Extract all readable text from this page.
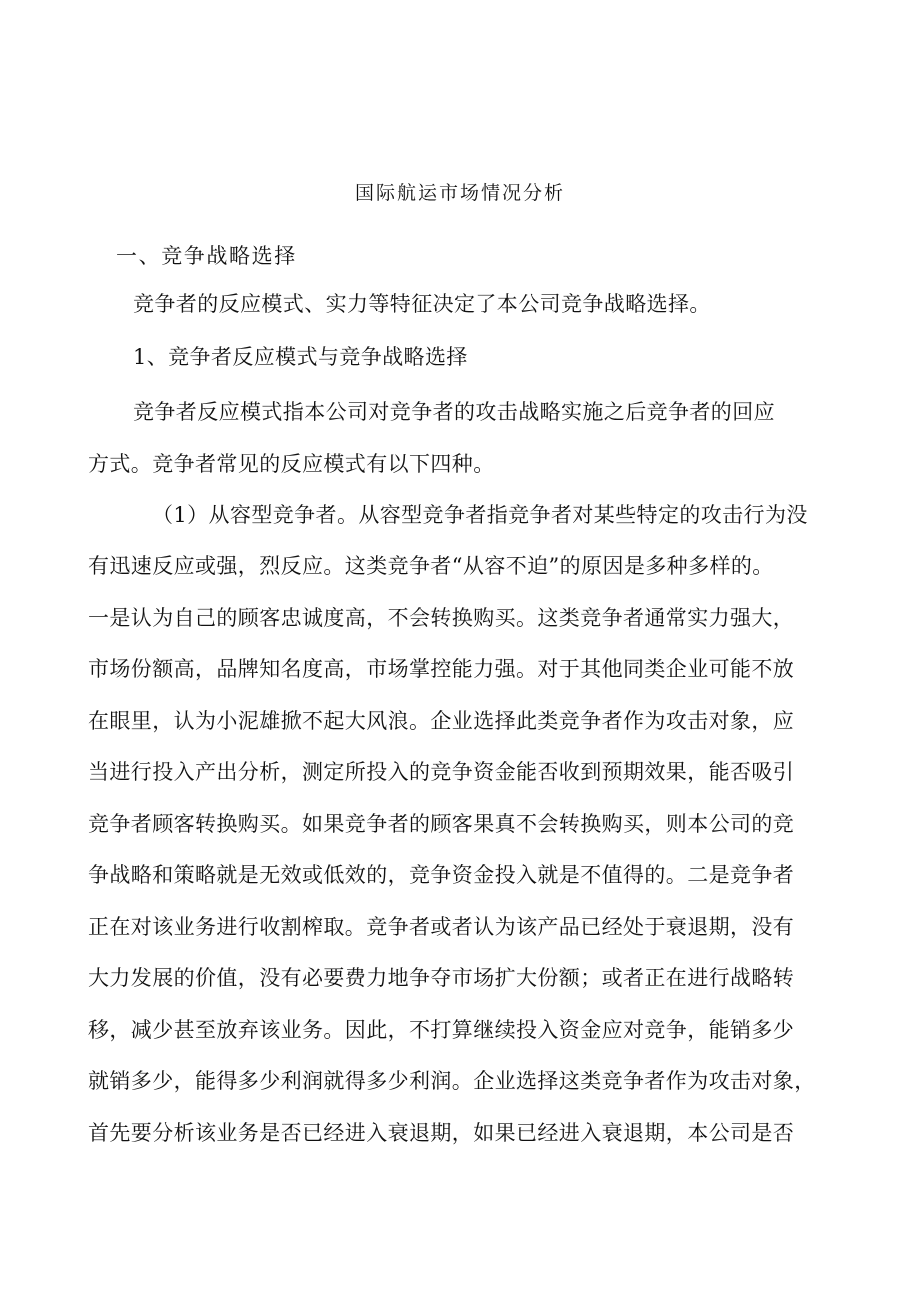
国际航运市场情况分析
一、竞争战略选择
竞争者的反应模式、实力等特征决定了本公司竞争战略选择。
1、竞争者反应模式与竞争战略选择
竞争者反应模式指本公司对竞争者的攻击战略实施之后竞争者的回应
方式。竞争者常见的反应模式有以下四种。
（1）从容型竞争者。从容型竞争者指竞争者对某些特定的攻击行为没
有迅速反应或强，烈反应。这类竞争者“从容不迫”的原因是多种多样的。
一是认为自己的顾客忠诚度高，不会转换购买。这类竞争者通常实力强大，
市场份额高，品牌知名度高，市场掌控能力强。对于其他同类企业可能不放
在眼里，认为小泥雄掀不起大风浪。企业选择此类竞争者作为攻击对象，应
当进行投入产出分析，测定所投入的竞争资金能否收到预期效果，能否吸引
竞争者顾客转换购买。如果竞争者的顾客果真不会转换购买，则本公司的竞
争战略和策略就是无效或低效的，竞争资金投入就是不值得的。二是竞争者
正在对该业务进行收割榨取。竞争者或者认为该产品已经处于衰退期，没有
大力发展的价值，没有必要费力地争夺市场扩大份额；或者正在进行战略转
移，减少甚至放弃该业务。因此，不打算继续投入资金应对竞争，能销多少
就销多少，能得多少利润就得多少利润。企业选择这类竞争者作为攻击对象，
首先要分析该业务是否已经进入衰退期，如果已经进入衰退期，本公司是否
